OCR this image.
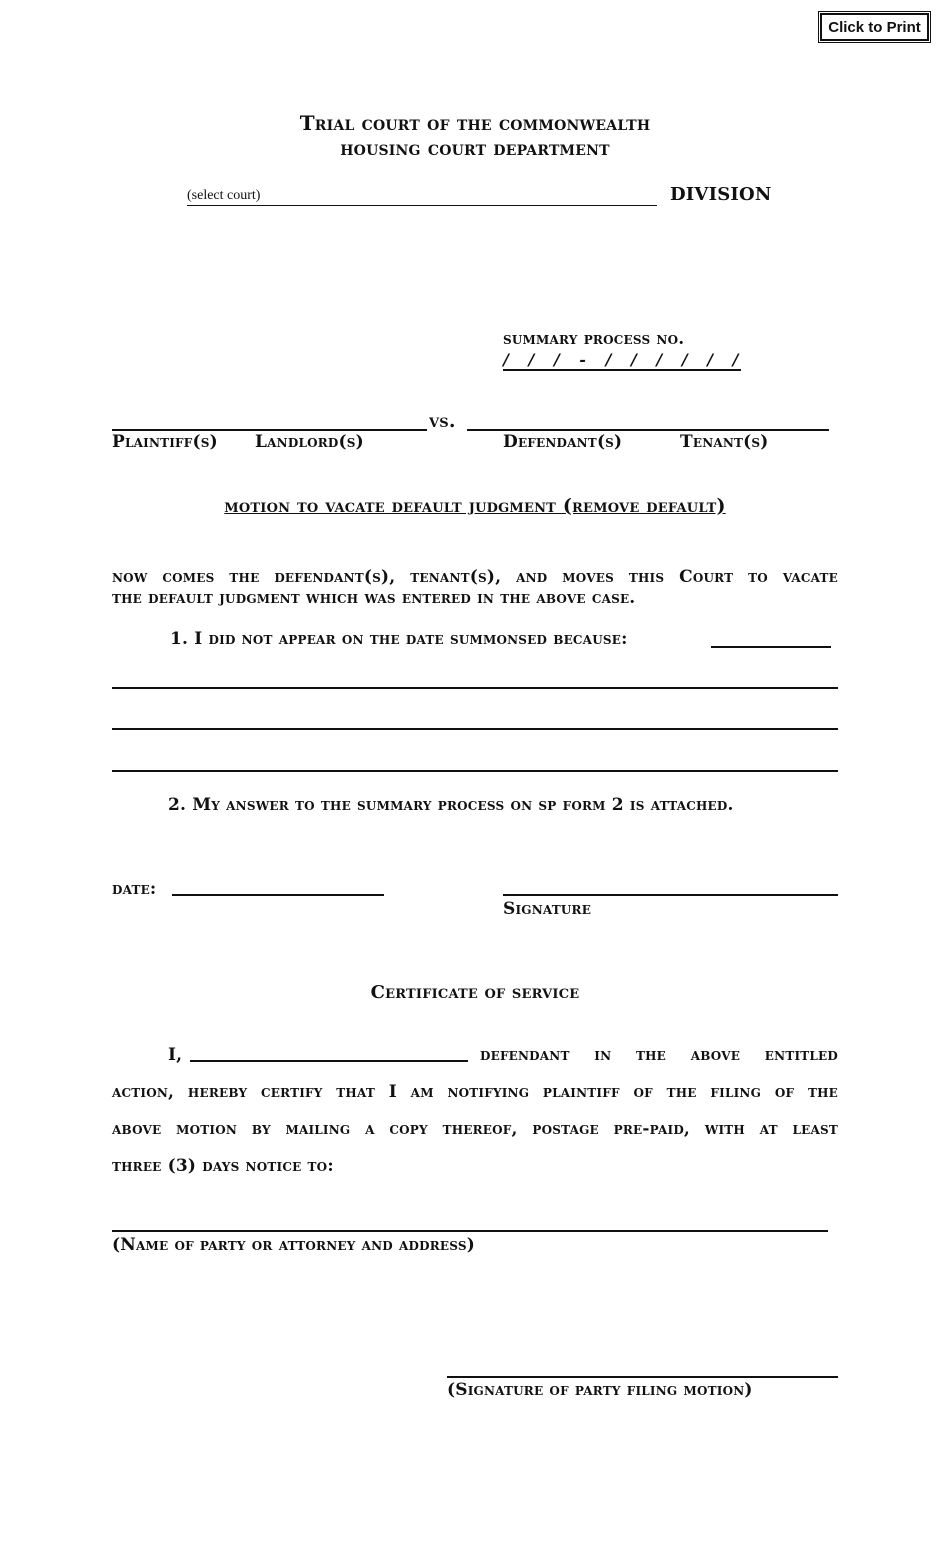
Click to Print
Trial court of the commonwealth
housing court department
(select court)	DIVISION
summary process no.
/ / / - / / / / / /
vs.
Plaintiff(s) Landlord(s)	Defendant(s)	Tenant(s)
motion to vacate default judgment (remove default)
now comes the defendant(s), tenant(s), and moves this Court to vacate
the default judgment which was entered in the above case.
1. I did not appear on the date summonsed because:
2. My answer to the summary process on sp form 2 is attached.
date:
Signature
Certificate of service
I,	defendant in the above entitled
action, hereby certify that I am notifying plaintiff of the filing of the
above motion by mailing a copy thereof, postage pre-paid, with at least
three (3) days notice to:
(Name of party or attorney and address)
(Signature of party filing motion)
